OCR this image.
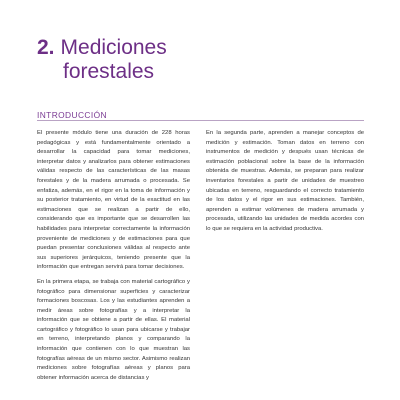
2. Mediciones
forestales
INTRODUCCIÓN

El presente módulo tiene una duración de 228 horas pedagógicas y está fundamentalmente orientado a desarrollar la capacidad para tomar mediciones, interpretar datos y analizarlos para obtener estimaciones válidas respecto de las características de las masas forestales y de la madera arrumada o procesada. Se enfatiza, además, en el rigor en la toma de información y su posterior tratamiento, en virtud de la exactitud en las estimaciones que se realizan a partir de ello, considerando que es importante que se desarrollen las habilidades para interpretar correctamente la información proveniente de mediciones y de estimaciones para que puedan presentar conclusiones válidas al respecto ante sus superiores jerárquicos, teniendo presente que la información que entregan servirá para tomar decisiones.

En la primera etapa, se trabaja con material cartográfico y fotográfico para dimensionar superficies y caracterizar formaciones boscosas. Los y las estudiantes aprenden a medir áreas sobre fotografías y a interpretar la información que se obtiene a partir de ellas. El material cartográfico y fotográfico lo usan para ubicarse y trabajar en terreno, interpretando planos y comparando la información que contienen con lo que muestran las fotografías aéreas de un mismo sector. Asimismo realizan mediciones sobre fotografías aéreas y planos para obtener información acerca de distancias y

En la segunda parte, aprenden a manejar conceptos de medición y estimación. Toman datos en terreno con instrumentos de medición y después usan técnicas de estimación poblacional sobre la base de la información obtenida de muestras. Además, se preparan para realizar inventarios forestales a partir de unidades de muestreo ubicadas en terreno, resguardando el correcto tratamiento de los datos y el rigor en sus estimaciones. También, aprenden a estimar volúmenes de madera arrumada y procesada, utilizando las unidades de medida acordes con lo que se requiera en la actividad productiva.
